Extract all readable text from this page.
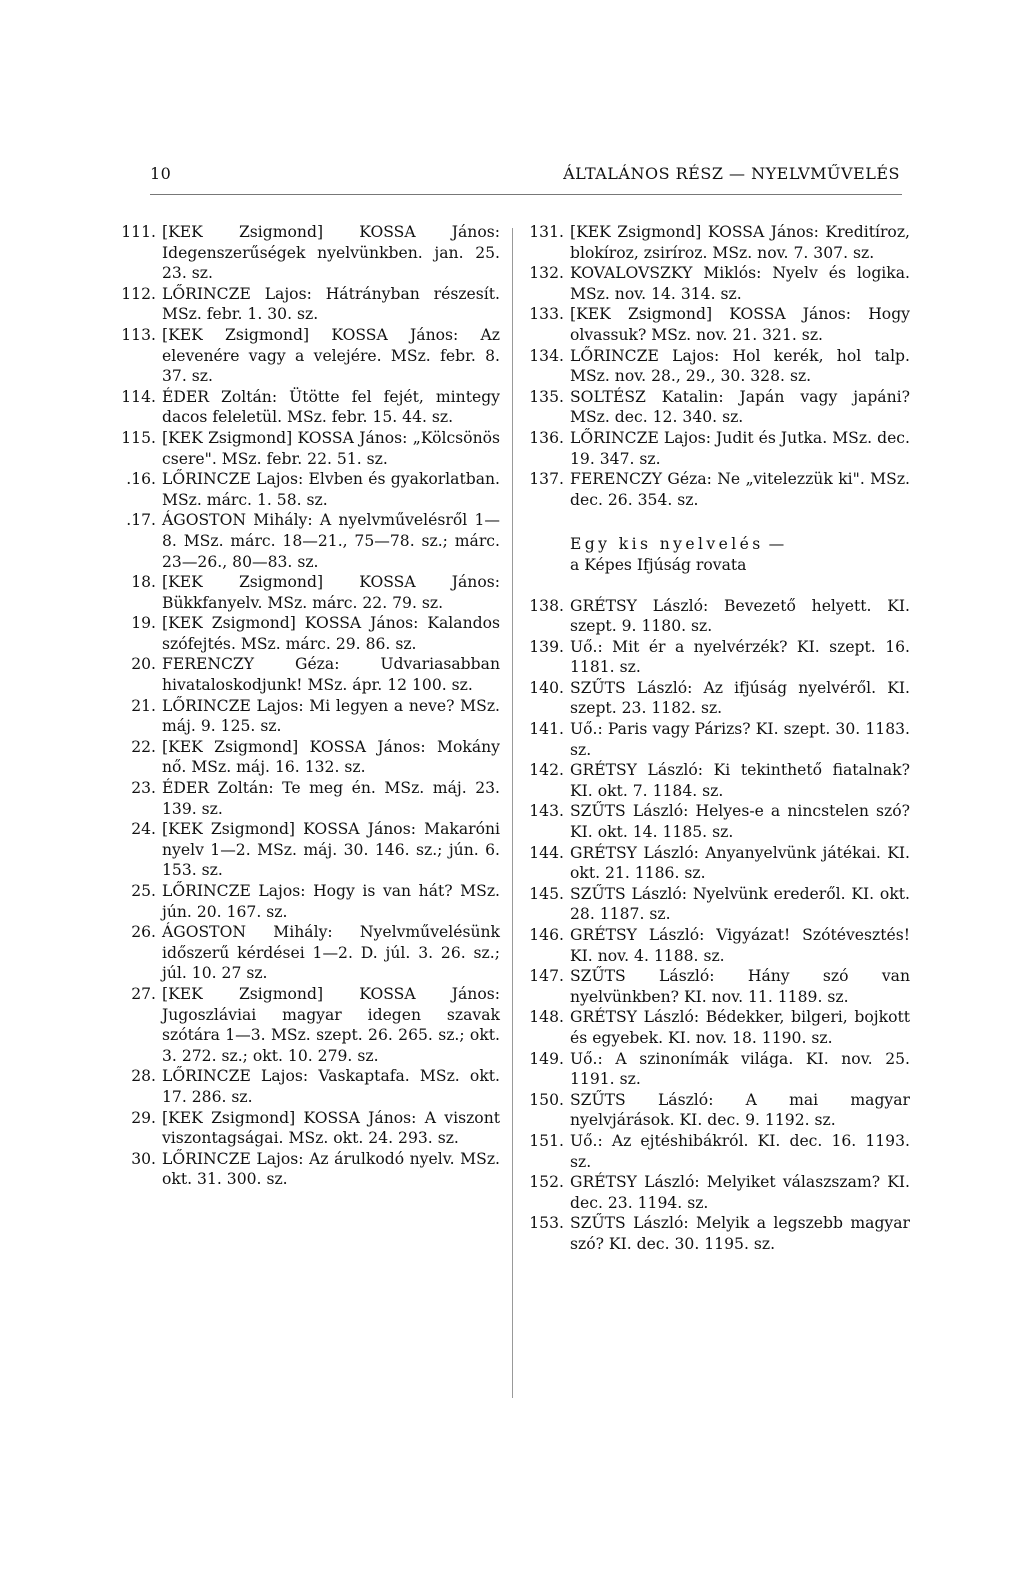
10	ÁLTALÁNOS RÉSZ — NYELVMŰVELÉS
111. [KEK Zsigmond] KOSSA János: Idegenszerűségek nyelvünkben. jan. 25. 23. sz.
112. LŐRINCZE Lajos: Hátrányban részesít. MSz. febr. 1. 30. sz.
113. [KEK Zsigmond] KOSSA János: Az elevenére vagy a velejére. MSz. febr. 8. 37. sz.
114. ÉDER Zoltán: Ütötte fel fejét, mintegy dacos feleletül. MSz. febr. 15. 44. sz.
115. [KEK Zsigmond] KOSSA János: „Kölcsönös csere". MSz. febr. 22. 51. sz.
.16. LŐRINCZE Lajos: Elvben és gyakorlatban. MSz. márc. 1. 58. sz.
.17. ÁGOSTON Mihály: A nyelvművelésről 1—8. MSz. márc. 18—21., 75—78. sz.; márc. 23—26., 80—83. sz.
18. [KEK Zsigmond] KOSSA János: Bükkfanyelv. MSz. márc. 22. 79. sz.
19. [KEK Zsigmond] KOSSA János: Kalandos szófejtés. MSz. márc. 29. 86. sz.
20. FERENCZY Géza: Udvariasabban hivataloskodjunk! MSz. ápr. 12 100. sz.
21. LŐRINCZE Lajos: Mi legyen a neve? MSz. máj. 9. 125. sz.
22. [KEK Zsigmond] KOSSA János: Mokány nő. MSz. máj. 16. 132. sz.
23. ÉDER Zoltán: Te meg én. MSz. máj. 23. 139. sz.
24. [KEK Zsigmond] KOSSA János: Makaróni nyelv 1—2. MSz. máj. 30. 146. sz.; jún. 6. 153. sz.
25. LŐRINCZE Lajos: Hogy is van hát? MSz. jún. 20. 167. sz.
26. ÁGOSTON Mihály: Nyelvművelésünk időszerű kérdései 1—2. D. júl. 3. 26. sz.; júl. 10. 27 sz.
27. [KEK Zsigmond] KOSSA János: Jugoszláviai magyar idegen szavak szótára 1—3. MSz. szept. 26. 265. sz.; okt. 3. 272. sz.; okt. 10. 279. sz.
28. LŐRINCZE Lajos: Vaskaptafa. MSz. okt. 17. 286. sz.
29. [KEK Zsigmond] KOSSA János: A viszont viszontagságai. MSz. okt. 24. 293. sz.
30. LŐRINCZE Lajos: Az árulkodó nyelv. MSz. okt. 31. 300. sz.
131. [KEK Zsigmond] KOSSA János: Kreditíroz, blokíroz, zsiríroz. MSz. nov. 7. 307. sz.
132. KOVALOVSZKY Miklós: Nyelv és logika. MSz. nov. 14. 314. sz.
133. [KEK Zsigmond] KOSSA János: Hogy olvassuk? MSz. nov. 21. 321. sz.
134. LŐRINCZE Lajos: Hol kerék, hol talp. MSz. nov. 28., 29., 30. 328. sz.
135. SOLTÉSZ Katalin: Japán vagy japáni? MSz. dec. 12. 340. sz.
136. LŐRINCZE Lajos: Judit és Jutka. MSz. dec. 19. 347. sz.
137. FERENCZY Géza: Ne „vitelezzük ki". MSz. dec. 26. 354. sz.
Egy kis nyelvelés —
a Képes Ifjúság rovata
138. GRÉTSY László: Bevezető helyett. KI. szept. 9. 1180. sz.
139. Uő.: Mit ér a nyelvérzék? KI. szept. 16. 1181. sz.
140. SZŰTS László: Az ifjúság nyelvéről. KI. szept. 23. 1182. sz.
141. Uő.: Paris vagy Párizs? KI. szept. 30. 1183. sz.
142. GRÉTSY László: Ki tekinthető fiatalnak? KI. okt. 7. 1184. sz.
143. SZŰTS László: Helyes-e a nincstelen szó? KI. okt. 14. 1185. sz.
144. GRÉTSY László: Anyanyelvünk játékai. KI. okt. 21. 1186. sz.
145. SZŰTS László: Nyelvünk erederől. KI. okt. 28. 1187. sz.
146. GRÉTSY László: Vigyázat! Szótévesztés! KI. nov. 4. 1188. sz.
147. SZŰTS László: Hány szó van nyelvünkben? KI. nov. 11. 1189. sz.
148. GRÉTSY László: Bédekker, bilgeri, bojkott és egyebek. KI. nov. 18. 1190. sz.
149. Uő.: A szinonímák világa. KI. nov. 25. 1191. sz.
150. SZŰTS László: A mai magyar nyelvjárások. KI. dec. 9. 1192. sz.
151. Uő.: Az ejtéshibákról. KI. dec. 16. 1193. sz.
152. GRÉTSY László: Melyiket válaszszam? KI. dec. 23. 1194. sz.
153. SZŰTS László: Melyik a legszebb magyar szó? KI. dec. 30. 1195. sz.
